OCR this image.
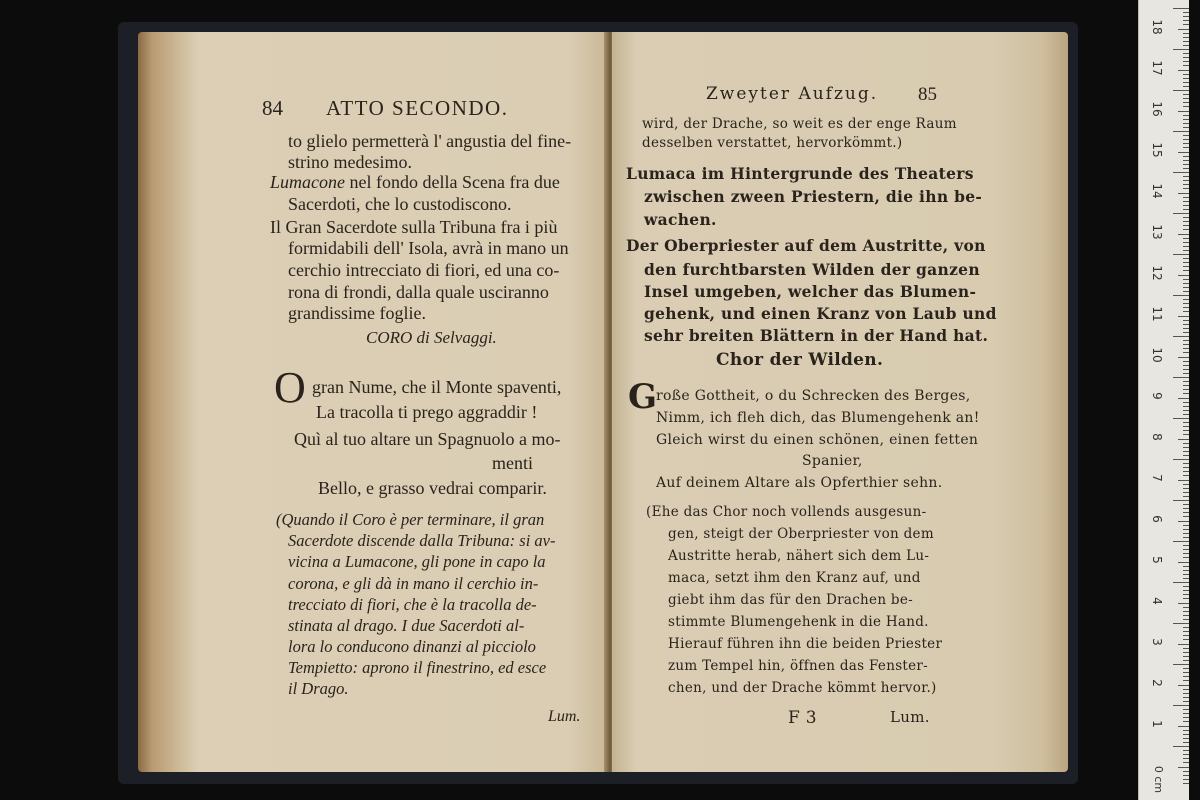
84 ATTO SECONDO.
to glielo permetterà l' angustia del fine-
strino medesimo.
Lumacone nel fondo della Scena fra due
Sacerdoti, che lo custodiscono.
Il Gran Sacerdote sulla Tribuna fra i più
formidabili dell' Isola, avrà in mano un
cerchio intrecciato di fiori, ed una co-
rona di frondi, dalla quale usciranno
grandissime foglie.
CORO di Selvaggi.
O gran Nume, che il Monte spaventi,
La tracolla ti prego aggraddir !
Quì al tuo altare un Spagnuolo a mo-
menti
Bello, e grasso vedrai comparir.
(Quando il Coro è per terminare, il gran
Sacerdote discende dalla Tribuna: si av-
vicina a Lumacone, gli pone in capo la
corona, e gli dà in mano il cerchio in-
trecciato di fiori, che è la tracolla de-
stinata al drago. I due Sacerdoti al-
lora lo conducono dinanzi al picciolo
Tempietto: aprono il finestrino, ed esce
il Drago.
Lum.
Zweyter Aufzug. 85
wird, der Drache, so weit es der enge Raum
desselben verstattet, hervorkömmt.)
Lumaca im Hintergrunde des Theaters
zwischen zween Priestern, die ihn be-
wachen.
Der Oberpriester auf dem Austritte, von
den furchtbarsten Wilden der ganzen
Insel umgeben, welcher das Blumen-
gehenk, und einen Kranz von Laub und
sehr breiten Blättern in der Hand hat.
Chor der Wilden.
G
roße Gottheit, o du Schrecken des Berges,
Nimm, ich fleh dich, das Blumengehenk an!
Gleich wirst du einen schönen, einen fetten
Spanier,
Auf deinem Altare als Opferthier sehn.
(Ehe das Chor noch vollends ausgesun-
gen, steigt der Oberpriester von dem
Austritte herab, nähert sich dem Lu-
maca, setzt ihm den Kranz auf, und
giebt ihm das für den Drachen be-
stimmte Blumengehenk in die Hand.
Hierauf führen ihn die beiden Priester
zum Tempel hin, öffnen das Fenster-
chen, und der Drache kömmt hervor.)
F 3	Lum.
18
17
16
15
14
13
12
11
10
9
8
7
6
5
4
3
2
1
0 cm
